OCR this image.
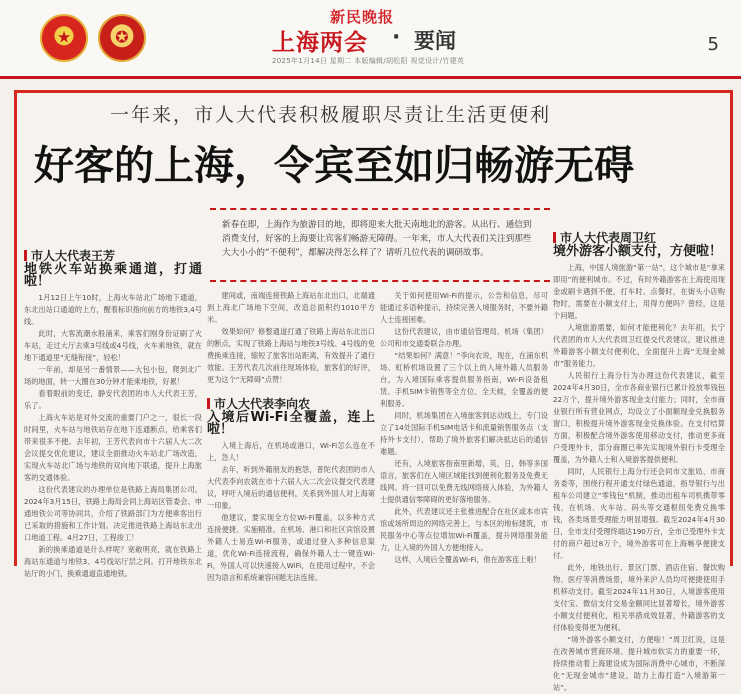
★	✪
新民晚报
上海两会 · 要闻
2025年1月14日 星期二 本版编辑/胡松阳 视觉设计/竹建英
5
一年来，市人大代表积极履职尽责让生活更便利
好客的上海，令宾至如归畅游无碍
新春在即，上海作为旅游目的地，即将迎来大批天南地北的游客。从出行、通信到消费支付，好客的上海要让宾客们畅游无障碍。一年来，市人大代表们关注到那些大大小小的“不便利”，都解决得怎么样了？请听几位代表的调研故事。
市人大代表王芳
地铁火车站换乘通道，打通啦！

1月12日上午10时，上海火车站北广场地下通道，东北出站口通道的上方，醒着标识指向前方的地铁3,4号线。

此时，大客流潮水般涌来，乘客们刚身份证刷了火车站，走过大厅去乘3号线或4号线，火车乘地铁，就在地下通道里“无缝衔接”，轻松！

一年前，却是另一番情景——大包小包，爬到北广场的地面，转一大圈在30分钟才能乘地铁，好累！

看着眼前的变迁，静安代表团的市人大代表王芳，乐了。

上海火车站是对外交流的重要门户之一，很长一段时间里，火车站与地铁站存在地下连通断点，给乘客们带来很多不便。去年初，王芳代表向市十六届人大二次会议提交优化建议，建议全面推动火车站北广场改造，实现火车站北广场与地铁的双向地下联通，提升上海旅客的交通体验。

这份代表建议的办理单位是铁路上海局集团公司。2024年3月15日，铁路上海局会同上海站区管委会、申通地铁公司等协同共，介绍了铁路部门为方便乘客出行已采取的措施和工作计划。决定推进铁路上海站东北出口地道工程。4月27日，工程竣工！

新的换乘通道是什么样呢？宽敞明亮，就在铁路上海站东通道与地铁3、4号线站厅层之间。打开地铁东北站厅的小门，换乘通道直通地铁。

建间或，南端连接铁路上海站东北出口，北端通到上海北广场地下空间，改造总面积约1010平方米。

效果如何？修整通道打通了铁路上海站东北出口的断点，实现了铁路上海站与地铁3号线、4号线的免费换乘连接，缩短了旅客出站距离，有效提升了通行效能。王芳代表几次前往现场体验，旅客们的好评，更为这个“无障碍”点赞！

市人大代表李向农
入境后Wi-Fi全覆盖，连上啦！

入境上海后，在机场或港口，Wi-Fi怎么连在不上，急人！

去年，听到外籍朋友的抱怨，普陀代表团的市人大代表李向农就在市十六届人大二次会议提交代表建议，呼吁入境后的通信便利，关系到外国人对上海第一印象。

他建议，要实现全方位Wi-Fi覆盖，以多种方式连接便捷、实施精准。在机场、港口和社区宾馆设置外籍人士易连Wi-Fi服务，或通过登入多种信息渠道，优化Wi-Fi连接流程，确保外籍人士一键连Wi-Fi，外国人可以快速接入WiFi，在使用过程中，不会因为语言和系统兼容问题无法连接。

关于如何使用Wi-Fi的提示，公告和信息，尽可能通过多语种提示，持续完善入境服务时，不要外籍人士连接困难。

这份代表建议，由市通信管理局、机场（集团）公司和市交通委联合办理。

“结果如何？满意！”李向农说，现在，在浦东机场、虹桥机场设置了三个以上的入境外籍人员服务台，为入境国际乘客提供服务指南，Wi-Fi设备租赁、手机SIM卡销售等全方位、全天候，全覆盖的便利服务。

同时，机场集团在入境旅客到达动线上，专门设立了14处国际手机SIM电话卡和流量销售服务点（支持外卡支付），帮助了境外旅客们解决抵达后的通信难题。

还有，入境旅客指南里新增，英，日，韩等多国语言，旅客们在入境区域能找到便利化服务及免费无线网。将一回可以免费无线网络接入体验，为外籍人士提供通信零障碍的更好落地服务。

此外，代表建议还主张推进配合在社区或本市宾馆或场所周边的网络完善上，与本区的地标建筑，市民服务中心等点位增加Wi-Fi覆盖，提升网络服务能力，让入境的外国人方便地接入。

这样，入境后全覆盖Wi-Fi，他在游客连上啦！

市人大代表周卫红
境外游客小额支付，方便啦！

上海，中国人境旅游“第一站”，这个城市是“拿来即用”的便利城市。不过，有时外籍游客在上海使用现金或刷卡遇到不便，打车时、点餐时，在街头小店购物时，需要在小额支付上，用得方便吗？曾经，这是个问题。

入境旅游需要，如何才能便利化？去年初，长宁代表团的市人大代表周卫红提交代表建议，建议推进外籍游客小额支付便利化，全面提升上海“无现金城市”服务能力。

人民银行上海分行为办理这份代表建议，截至2024年4月30日，全市各商业银行已累计投放零钱包22万个，提升境外游客现金支付能力；同时，全市商业银行所有营业网点，均设立了小面额现金兑换服务窗口，积极提升境外游客现金兑换体验。在支付结算方面，积极配合境外游客使用移动支付，推动更多商户受理外卡，部分商圈已率先实现境外银行卡受理全覆盖，为外籍人士和入境游客提供便利。

同时，人民银行上海分行还会同市文旅局、市商务委等，围绕行程开通支付绿色通道，指导银行与出租车公司建立“零钱包”机制，推动出租车司机携带零钱，在机场、火车站、码头等交通枢纽免费兑换零钱，各类场景受理能力明显增强。截至2024年4月30日，全市支付受理终端达190万台，全市已受理外卡支付的商户超过8万个，境外游客可在上海畅享便捷支付。

此外，地铁出行、景区门票、酒店住宿、餐饮购物、医疗等消费场景，境外来沪人员均可便捷使用手机移动支付。截至2024年11月30日，入境游客使用支付宝、微信支付交易金额同比显著增长，境外游客小额支付便利化，相关举措成效显著，外籍游客的支付体验变得更为便利。

“境外游客小额支付，方便啦！”周卫红说，这是在改善城市营商环境、提升城市软实力的重要一环，持续推动着上海建设成为国际消费中心城市，不断深化“无现金城市”建设，助力上海打造“入境游第一站”。
